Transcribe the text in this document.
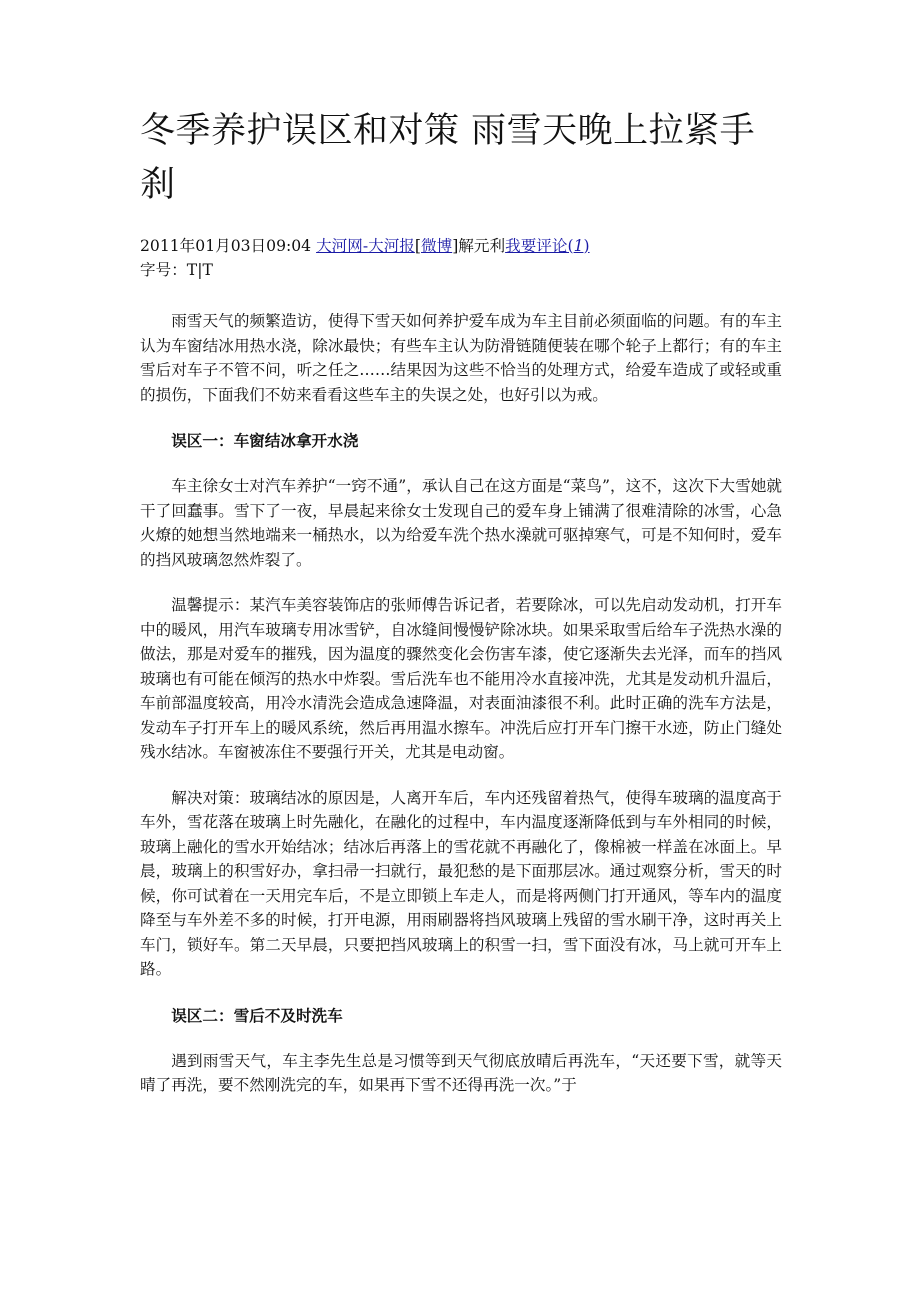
冬季养护误区和对策 雨雪天晚上拉紧手刹
2011年01月03日09:04 大河网-大河报[微博]解元利我要评论(1)
字号：T|T

雨雪天气的频繁造访，使得下雪天如何养护爱车成为车主目前必须面临的问题。有的车主认为车窗结冰用热水浇，除冰最快；有些车主认为防滑链随便装在哪个轮子上都行；有的车主雪后对车子不管不问，听之任之……结果因为这些不恰当的处理方式，给爱车造成了或轻或重的损伤，下面我们不妨来看看这些车主的失误之处，也好引以为戒。

误区一：车窗结冰拿开水浇

车主徐女士对汽车养护“一窍不通”，承认自己在这方面是“菜鸟”，这不，这次下大雪她就干了回蠢事。雪下了一夜，早晨起来徐女士发现自己的爱车身上铺满了很难清除的冰雪，心急火燎的她想当然地端来一桶热水，以为给爱车洗个热水澡就可驱掉寒气，可是不知何时，爱车的挡风玻璃忽然炸裂了。

温馨提示：某汽车美容装饰店的张师傅告诉记者，若要除冰，可以先启动发动机，打开车中的暖风，用汽车玻璃专用冰雪铲，自冰缝间慢慢铲除冰块。如果采取雪后给车子洗热水澡的做法，那是对爱车的摧残，因为温度的骤然变化会伤害车漆，使它逐渐失去光泽，而车的挡风玻璃也有可能在倾泻的热水中炸裂。雪后洗车也不能用冷水直接冲洗，尤其是发动机升温后，车前部温度较高，用冷水清洗会造成急速降温，对表面油漆很不利。此时正确的洗车方法是，发动车子打开车上的暖风系统，然后再用温水擦车。冲洗后应打开车门擦干水迹，防止门缝处残水结冰。车窗被冻住不要强行开关，尤其是电动窗。

解决对策：玻璃结冰的原因是，人离开车后，车内还残留着热气，使得车玻璃的温度高于车外，雪花落在玻璃上时先融化，在融化的过程中，车内温度逐渐降低到与车外相同的时候，玻璃上融化的雪水开始结冰；结冰后再落上的雪花就不再融化了，像棉被一样盖在冰面上。早晨，玻璃上的积雪好办，拿扫帚一扫就行，最犯愁的是下面那层冰。通过观察分析，雪天的时候，你可试着在一天用完车后，不是立即锁上车走人，而是将两侧门打开通风，等车内的温度降至与车外差不多的时候，打开电源，用雨刷器将挡风玻璃上残留的雪水刷干净，这时再关上车门，锁好车。第二天早晨，只要把挡风玻璃上的积雪一扫，雪下面没有冰，马上就可开车上路。

误区二：雪后不及时洗车

遇到雨雪天气，车主李先生总是习惯等到天气彻底放晴后再洗车，“天还要下雪，就等天晴了再洗，要不然刚洗完的车，如果再下雪不还得再洗一次。”于
